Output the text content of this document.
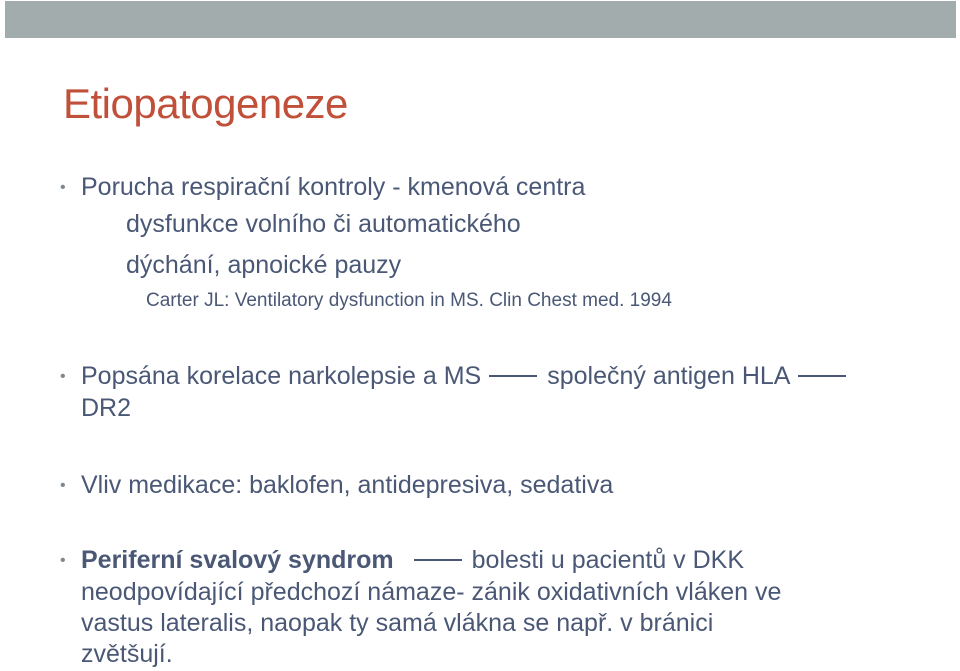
Etiopatogeneze
• Porucha respirační kontroly - kmenová centra
dysfunkce volního či automatického
dýchání, apnoické pauzy
Carter JL: Ventilatory dysfunction in MS. Clin Chest med. 1994
• Popsána korelace narkolepsie a MS	společný antigen HLA
DR2
• Vliv medikace: baklofen, antidepresiva, sedativa
• Periferní svalový syndrom	bolesti u pacientů v DKK
neodpovídající předchozí námaze- zánik oxidativních vláken ve
vastus lateralis, naopak ty samá vlákna se např. v bránici
zvětšují.
